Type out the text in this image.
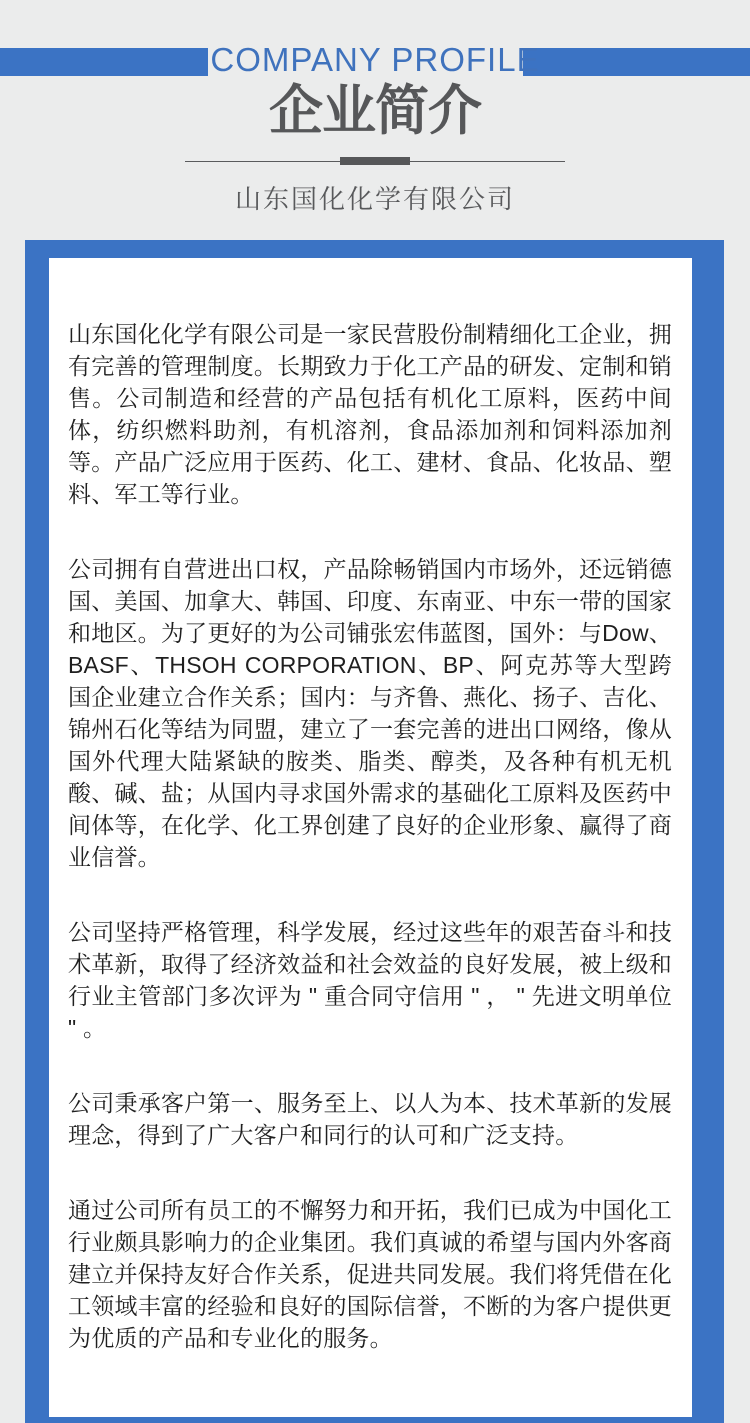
COMPANY PROFILE
企业简介
山东国化化学有限公司

山东国化化学有限公司是一家民营股份制精细化工企业，拥有完善的管理制度。长期致力于化工产品的研发、定制和销售。公司制造和经营的产品包括有机化工原料，医药中间体，纺织燃料助剂，有机溶剂，食品添加剂和饲料添加剂等。产品广泛应用于医药、化工、建材、食品、化妆品、塑料、军工等行业。

公司拥有自营进出口权，产品除畅销国内市场外，还远销德国、美国、加拿大、韩国、印度、东南亚、中东一带的国家和地区。为了更好的为公司铺张宏伟蓝图，国外：与Dow、BASF、THSOH CORPORATION、BP、阿克苏等大型跨国企业建立合作关系；国内：与齐鲁、燕化、扬子、吉化、锦州石化等结为同盟，建立了一套完善的进出口网络，像从国外代理大陆紧缺的胺类、脂类、醇类，及各种有机无机酸、碱、盐；从国内寻求国外需求的基础化工原料及医药中间体等，在化学、化工界创建了良好的企业形象、赢得了商业信誉。

公司坚持严格管理，科学发展，经过这些年的艰苦奋斗和技术革新，取得了经济效益和社会效益的良好发展，被上级和行业主管部门多次评为 " 重合同守信用 " ， " 先进文明单位 " 。

公司秉承客户第一、服务至上、以人为本、技术革新的发展理念，得到了广大客户和同行的认可和广泛支持。

通过公司所有员工的不懈努力和开拓，我们已成为中国化工行业颇具影响力的企业集团。我们真诚的希望与国内外客商建立并保持友好合作关系，促进共同发展。我们将凭借在化工领域丰富的经验和良好的国际信誉，不断的为客户提供更为优质的产品和专业化的服务。
